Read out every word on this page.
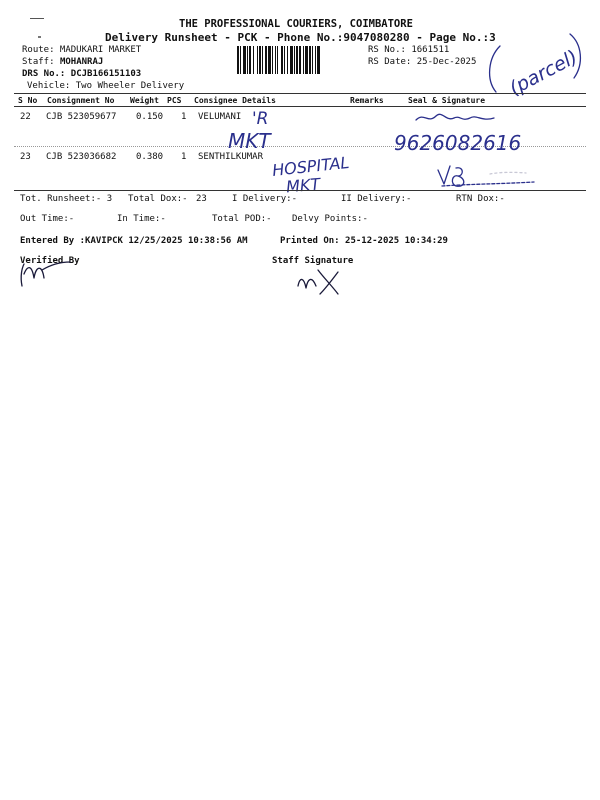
THE PROFESSIONAL COURIERS, COIMBATORE
Delivery Runsheet - PCK - Phone No.:9047080280 - Page No.:3
Route: MADUKARI MARKET
Staff: MOHANRAJ
DRS No.: DCJB166151103
Vehicle: Two Wheeler Delivery
RS No.: 1661511
RS Date: 25-Dec-2025 (parcel)
S No Consignment No Weight PCS Consignee Details	Remarks	Seal & Signature
22 CJB 523059677 0.150 1 VELUMANI 'R
MKT	9626082616
23 CJB 523036682 0.380 1 SENTHILKUMAR HOSPITAL
MKT
Tot. Runsheet:- 3 Total Dox:- 23	I Delivery:-	II Delivery:-	RTN Dox:-
Out Time:-	In Time:-	Total POD:- Delvy Points:-
Entered By :KAVIPCK 12/25/2025 10:38:56 AM	Printed On: 25-12-2025 10:34:29
Verified By	Staff Signature
